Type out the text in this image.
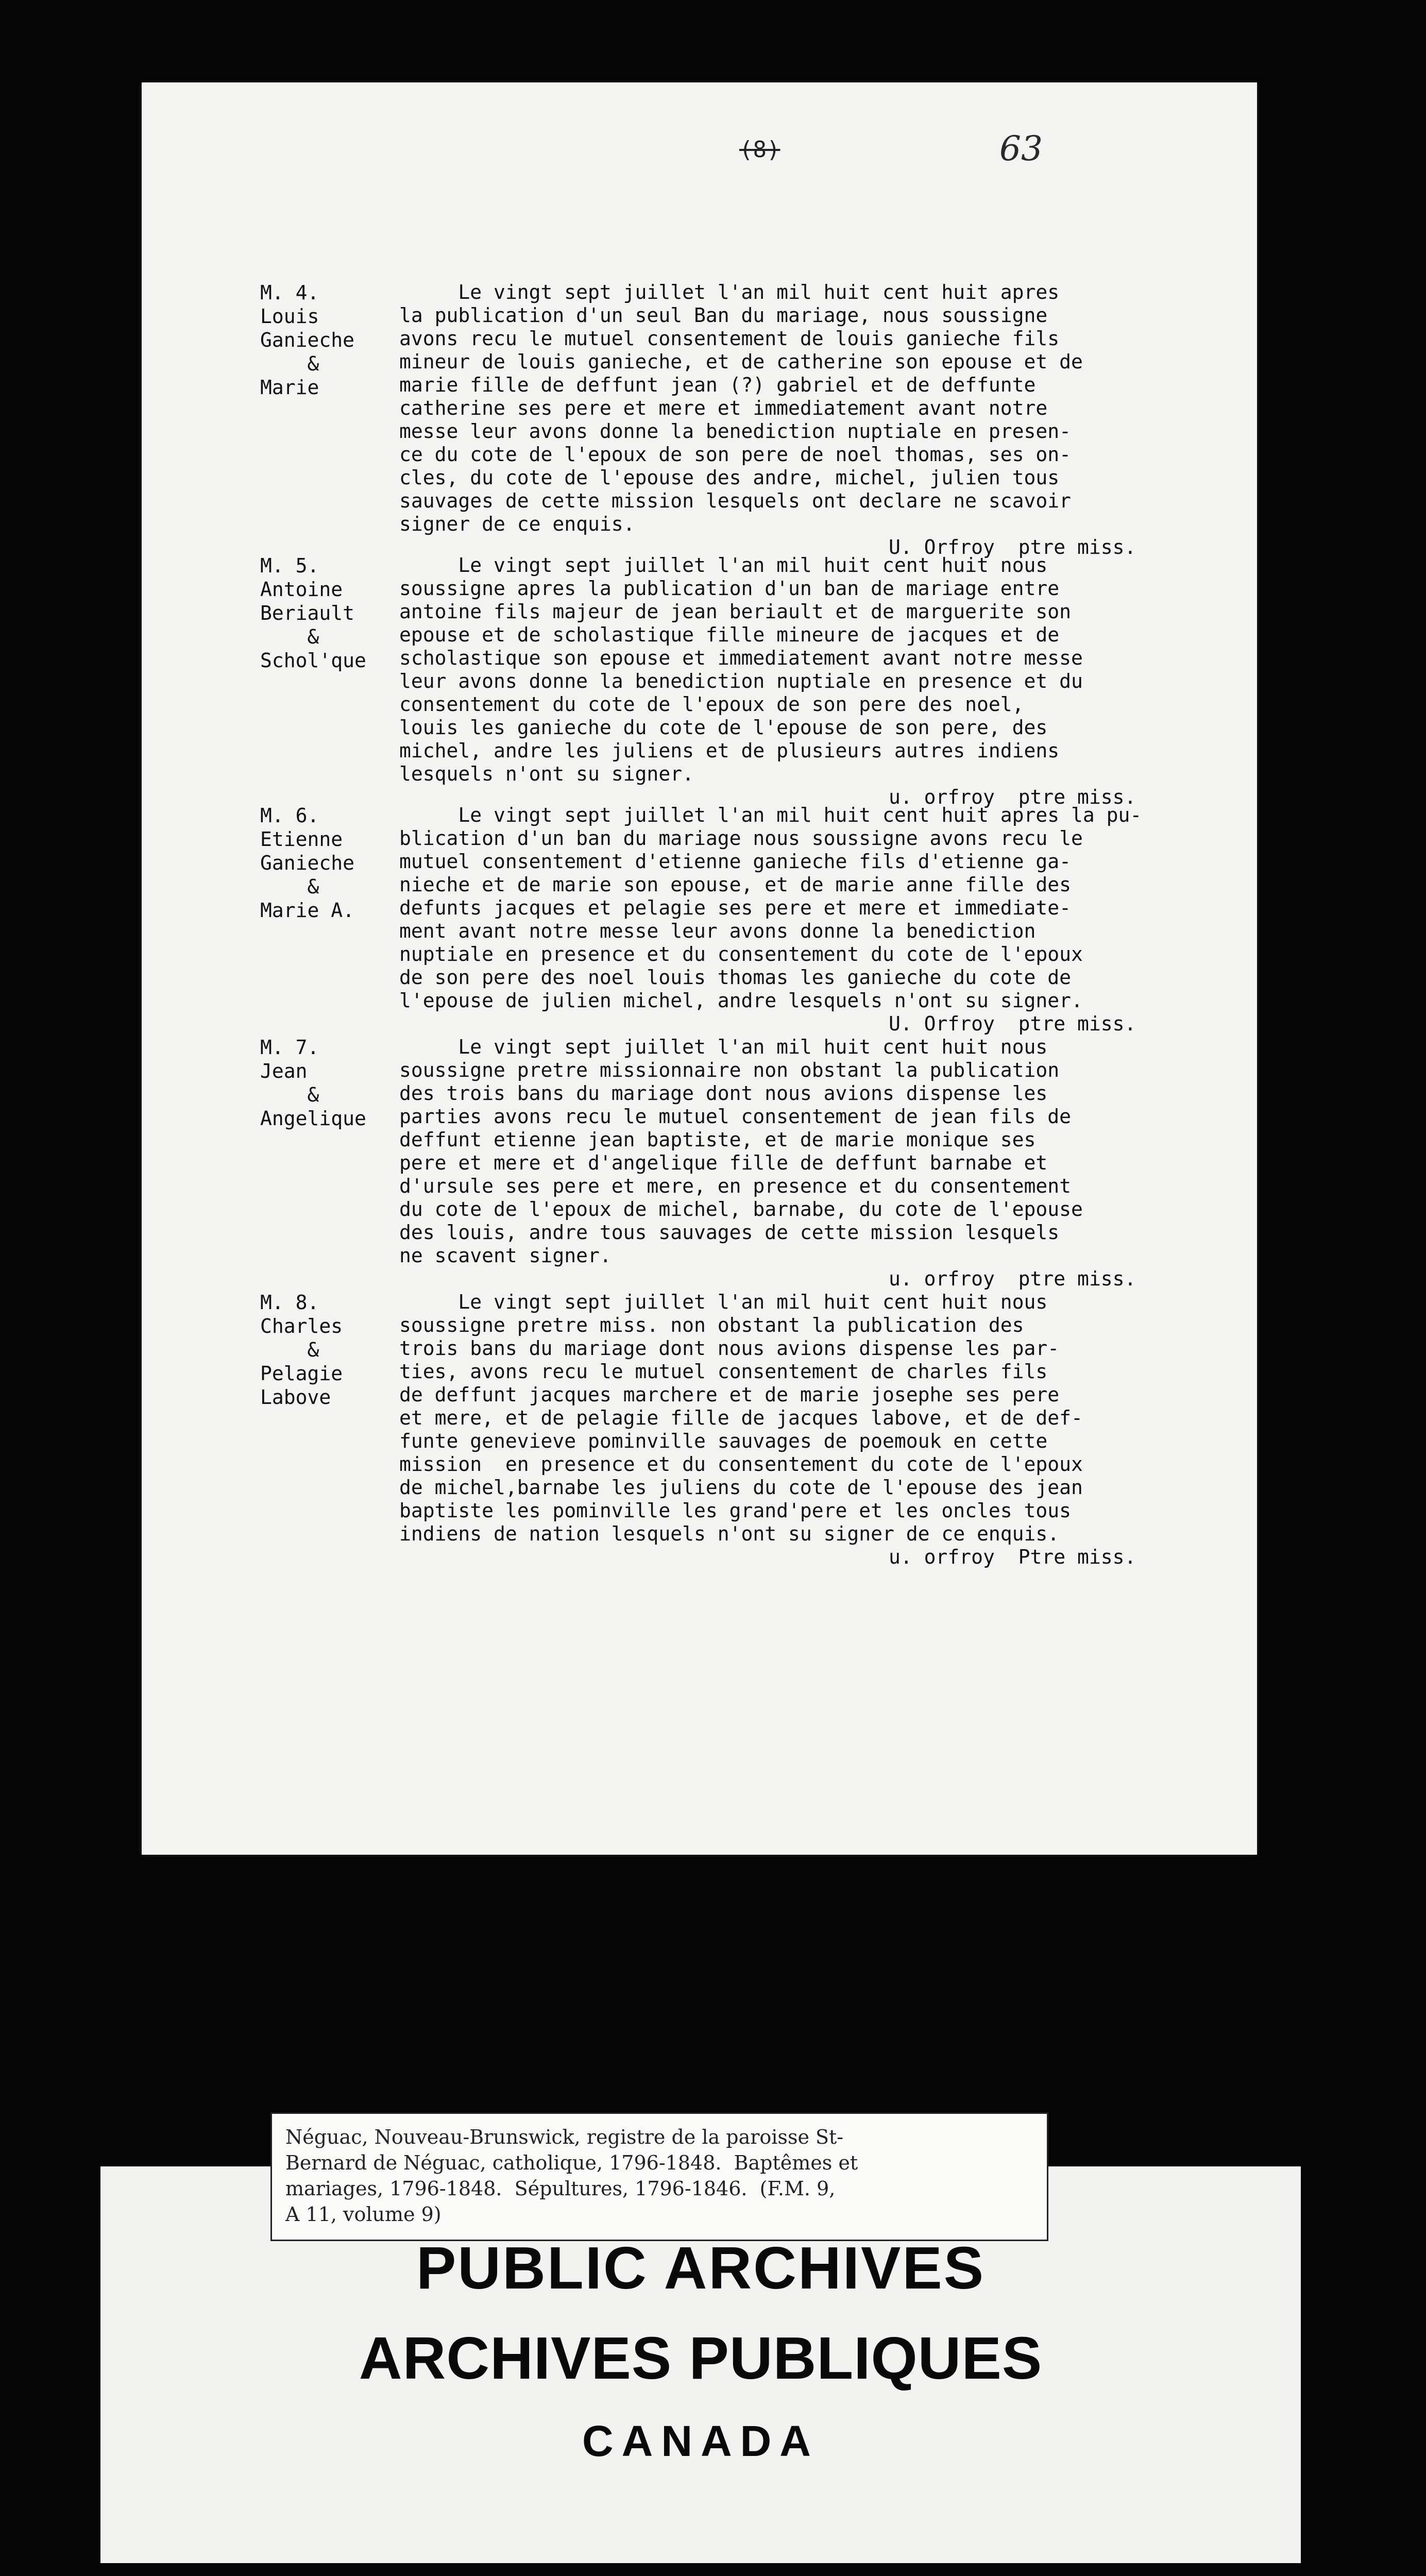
(8)	63
M. 4.
Louis
Ganieche
&
Marie
Le vingt sept juillet l'an mil huit cent huit apres
la publication d'un seul Ban du mariage, nous soussigne
avons recu le mutuel consentement de louis ganieche fils
mineur de louis ganieche, et de catherine son epouse et de
marie fille de deffunt jean (?) gabriel et de deffunte
catherine ses pere et mere et immediatement avant notre
messe leur avons donne la benediction nuptiale en presen-
ce du cote de l'epoux de son pere de noel thomas, ses on-
cles, du cote de l'epouse des andre, michel, julien tous
sauvages de cette mission lesquels ont declare ne scavoir
signer de ce enquis.
U. Orfroy  ptre miss.
M. 5.
Antoine
Beriault
&
Schol'que
Le vingt sept juillet l'an mil huit cent huit nous
soussigne apres la publication d'un ban de mariage entre
antoine fils majeur de jean beriault et de marguerite son
epouse et de scholastique fille mineure de jacques et de
scholastique son epouse et immediatement avant notre messe
leur avons donne la benediction nuptiale en presence et du
consentement du cote de l'epoux de son pere des noel,
louis les ganieche du cote de l'epouse de son pere, des
michel, andre les juliens et de plusieurs autres indiens
lesquels n'ont su signer.
u. orfroy  ptre miss.
M. 6.
Etienne
Ganieche
&
Marie A.
Le vingt sept juillet l'an mil huit cent huit apres la pu-
blication d'un ban du mariage nous soussigne avons recu le
mutuel consentement d'etienne ganieche fils d'etienne ga-
nieche et de marie son epouse, et de marie anne fille des
defunts jacques et pelagie ses pere et mere et immediate-
ment avant notre messe leur avons donne la benediction
nuptiale en presence et du consentement du cote de l'epoux
de son pere des noel louis thomas les ganieche du cote de
l'epouse de julien michel, andre lesquels n'ont su signer.
U. Orfroy  ptre miss.
M. 7.
Jean
&
Angelique
Le vingt sept juillet l'an mil huit cent huit nous
soussigne pretre missionnaire non obstant la publication
des trois bans du mariage dont nous avions dispense les
parties avons recu le mutuel consentement de jean fils de
deffunt etienne jean baptiste, et de marie monique ses
pere et mere et d'angelique fille de deffunt barnabe et
d'ursule ses pere et mere, en presence et du consentement
du cote de l'epoux de michel, barnabe, du cote de l'epouse
des louis, andre tous sauvages de cette mission lesquels
ne scavent signer.
u. orfroy  ptre miss.
M. 8.
Charles
&
Pelagie
Labove
Le vingt sept juillet l'an mil huit cent huit nous
soussigne pretre miss. non obstant la publication des
trois bans du mariage dont nous avions dispense les par-
ties, avons recu le mutuel consentement de charles fils
de deffunt jacques marchere et de marie josephe ses pere
et mere, et de pelagie fille de jacques labove, et de def-
funte genevieve pominville sauvages de poemouk en cette
mission  en presence et du consentement du cote de l'epoux
de michel,barnabe les juliens du cote de l'epouse des jean
baptiste les pominville les grand'pere et les oncles tous
indiens de nation lesquels n'ont su signer de ce enquis.
u. orfroy  Ptre miss.
Néguac, Nouveau-Brunswick, registre de la paroisse St-
Bernard de Néguac, catholique, 1796-1848.  Baptêmes et
mariages, 1796-1848.  Sépultures, 1796-1846.  (F.M. 9,
A 11, volume 9)
PUBLIC ARCHIVES
ARCHIVES PUBLIQUES
CANADA
